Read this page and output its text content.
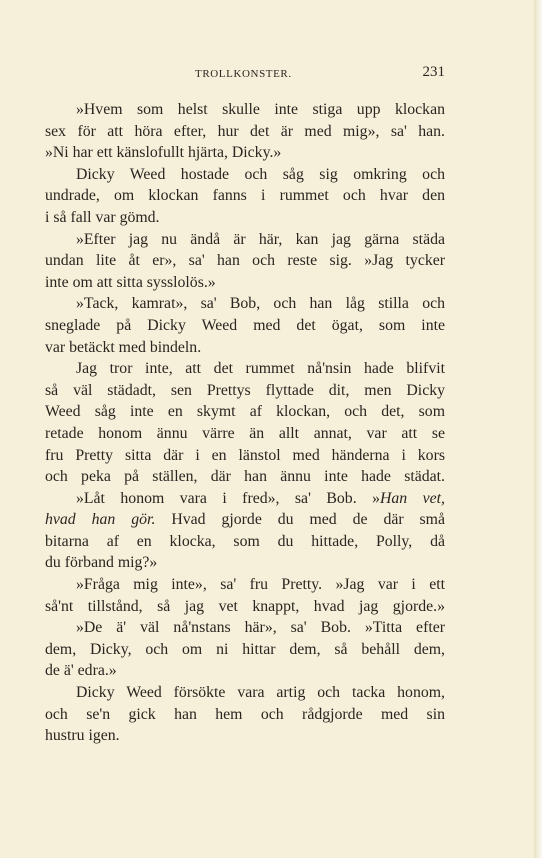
TROLLKONSTER.	231
»Hvem som helst skulle inte stiga upp klockan
sex för att höra efter, hur det är med mig», sa' han.
»Ni har ett känslofullt hjärta, Dicky.»
Dicky Weed hostade och såg sig omkring och
undrade, om klockan fanns i rummet och hvar den
i så fall var gömd.
»Efter jag nu ändå är här, kan jag gärna städa
undan lite åt er», sa' han och reste sig. »Jag tycker
inte om att sitta sysslolös.»
»Tack, kamrat», sa' Bob, och han låg stilla och
sneglade på Dicky Weed med det ögat, som inte
var betäckt med bindeln.
Jag tror inte, att det rummet nå'nsin hade blifvit
så väl städadt, sen Prettys flyttade dit, men Dicky
Weed såg inte en skymt af klockan, och det, som
retade honom ännu värre än allt annat, var att se
fru Pretty sitta där i en länstol med händerna i kors
och peka på ställen, där han ännu inte hade städat.
»Låt honom vara i fred», sa' Bob. »Han vet,
hvad han gör. Hvad gjorde du med de där små
bitarna af en klocka, som du hittade, Polly, då
du förband mig?»
»Fråga mig inte», sa' fru Pretty. »Jag var i ett
så'nt tillstånd, så jag vet knappt, hvad jag gjorde.»
»De ä' väl nå'nstans här», sa' Bob. »Titta efter
dem, Dicky, och om ni hittar dem, så behåll dem,
de ä' edra.»
Dicky Weed försökte vara artig och tacka honom,
och se'n gick han hem och rådgjorde med sin
hustru igen.
